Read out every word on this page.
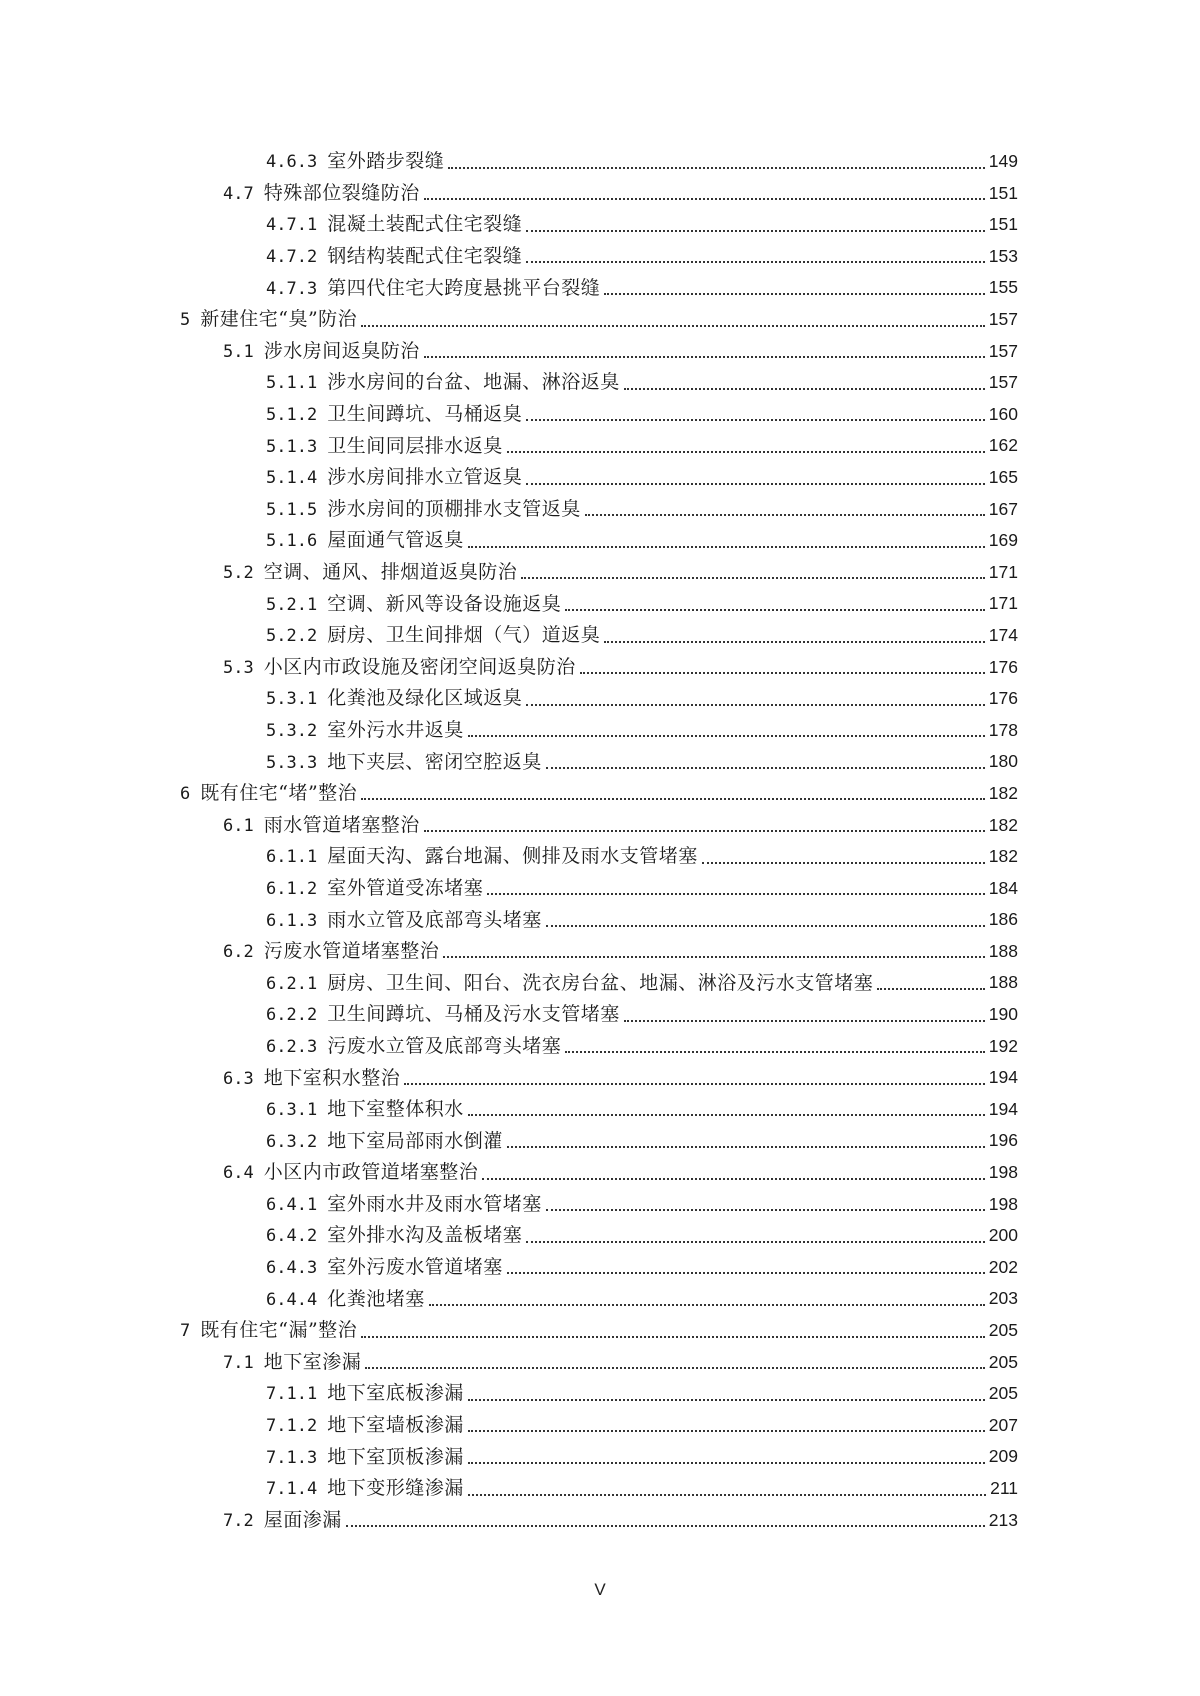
4.6.3 室外踏步裂缝	149
4.7 特殊部位裂缝防治	151
4.7.1 混凝土装配式住宅裂缝	151
4.7.2 钢结构装配式住宅裂缝	153
4.7.3 第四代住宅大跨度悬挑平台裂缝	155
5 新建住宅“臭”防治	157
5.1 涉水房间返臭防治	157
5.1.1 涉水房间的台盆、地漏、淋浴返臭	157
5.1.2 卫生间蹲坑、马桶返臭	160
5.1.3 卫生间同层排水返臭	162
5.1.4 涉水房间排水立管返臭	165
5.1.5 涉水房间的顶棚排水支管返臭	167
5.1.6 屋面通气管返臭	169
5.2 空调、通风、排烟道返臭防治	171
5.2.1 空调、新风等设备设施返臭	171
5.2.2 厨房、卫生间排烟（气）道返臭	174
5.3 小区内市政设施及密闭空间返臭防治	176
5.3.1 化粪池及绿化区域返臭	176
5.3.2 室外污水井返臭	178
5.3.3 地下夹层、密闭空腔返臭	180
6 既有住宅“堵”整治	182
6.1 雨水管道堵塞整治	182
6.1.1 屋面天沟、露台地漏、侧排及雨水支管堵塞	182
6.1.2 室外管道受冻堵塞	184
6.1.3 雨水立管及底部弯头堵塞	186
6.2 污废水管道堵塞整治	188
6.2.1 厨房、卫生间、阳台、洗衣房台盆、地漏、淋浴及污水支管堵塞	188
6.2.2 卫生间蹲坑、马桶及污水支管堵塞	190
6.2.3 污废水立管及底部弯头堵塞	192
6.3 地下室积水整治	194
6.3.1 地下室整体积水	194
6.3.2 地下室局部雨水倒灌	196
6.4 小区内市政管道堵塞整治	198
6.4.1 室外雨水井及雨水管堵塞	198
6.4.2 室外排水沟及盖板堵塞	200
6.4.3 室外污废水管道堵塞	202
6.4.4 化粪池堵塞	203
7 既有住宅“漏”整治	205
7.1 地下室渗漏	205
7.1.1 地下室底板渗漏	205
7.1.2 地下室墙板渗漏	207
7.1.3 地下室顶板渗漏	209
7.1.4 地下变形缝渗漏	211
7.2 屋面渗漏	213
V
